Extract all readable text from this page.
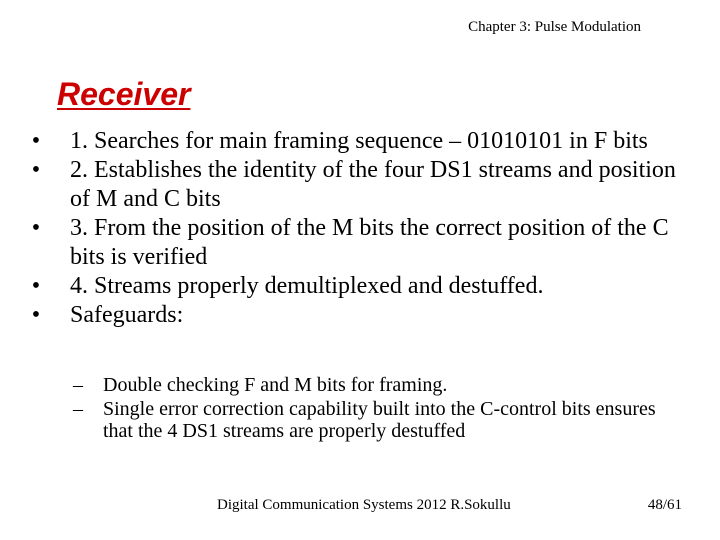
Chapter 3: Pulse Modulation
Receiver
• 1. Searches for main framing sequence – 01010101 in F bits
• 2. Establishes the identity of the four DS1 streams and position of M and C bits
• 3. From the position of the M bits the correct position of the C bits is verified
• 4. Streams properly demultiplexed and destuffed.
• Safeguards:
–	Double checking F and M bits for framing.
–	Single error correction capability built into the C-control bits ensures that the 4 DS1 streams are properly destuffed
Digital Communication Systems 2012 R.Sokullu	48/61
